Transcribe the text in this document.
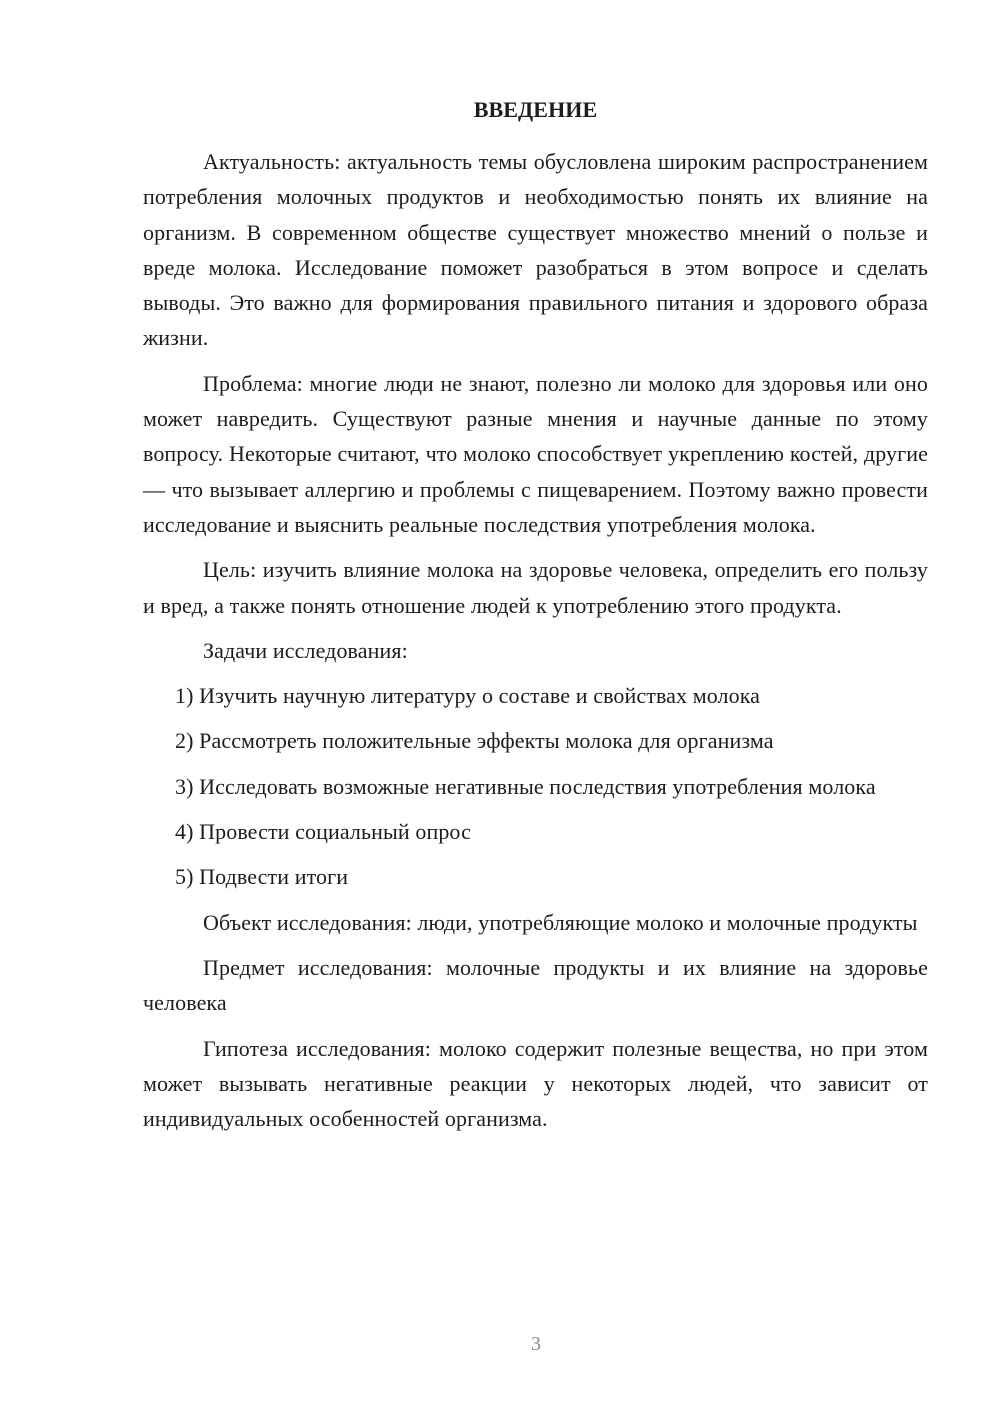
ВВЕДЕНИЕ

Актуальность: актуальность темы обусловлена широким распространением потребления молочных продуктов и необходимостью понять их влияние на организм. В современном обществе существует множество мнений о пользе и вреде молока. Исследование поможет разобраться в этом вопросе и сделать выводы. Это важно для формирования правильного питания и здорового образа жизни.

Проблема: многие люди не знают, полезно ли молоко для здоровья или оно может навредить. Существуют разные мнения и научные данные по этому вопросу. Некоторые считают, что молоко способствует укреплению костей, другие — что вызывает аллергию и проблемы с пищеварением. Поэтому важно провести исследование и выяснить реальные последствия употребления молока.

Цель: изучить влияние молока на здоровье человека, определить его пользу и вред, а также понять отношение людей к употреблению этого продукта.

Задачи исследования:

1) Изучить научную литературу о составе и свойствах молока

2) Рассмотреть положительные эффекты молока для организма

3) Исследовать возможные негативные последствия употребления молока

4) Провести социальный опрос

5) Подвести итоги

Объект исследования: люди, употребляющие молоко и молочные продукты

Предмет исследования: молочные продукты и их влияние на здоровье человека

Гипотеза исследования: молоко содержит полезные вещества, но при этом может вызывать негативные реакции у некоторых людей, что зависит от индивидуальных особенностей организма.

3
